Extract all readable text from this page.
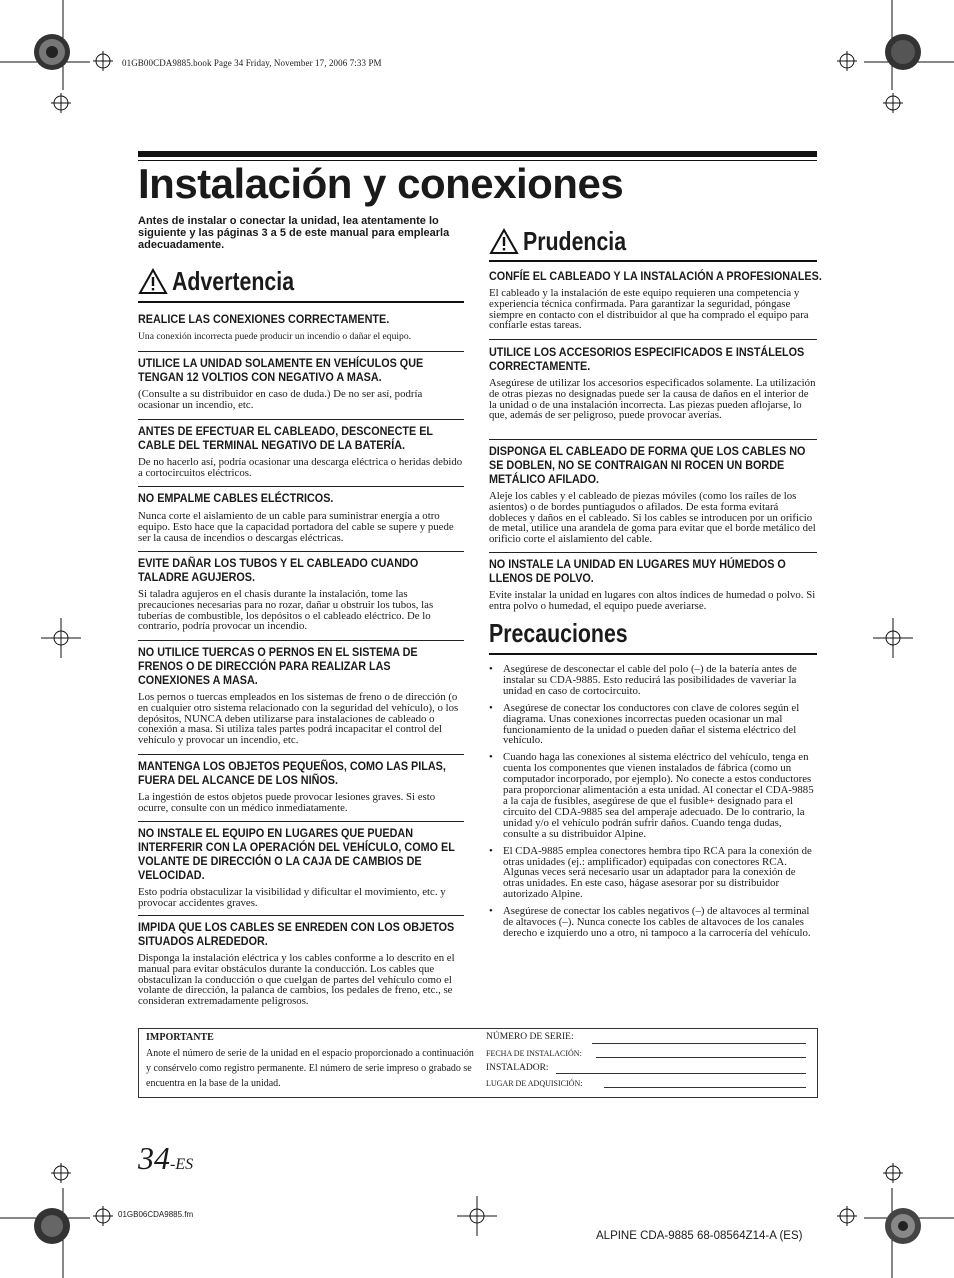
01GB00CDA9885.book Page 34 Friday, November 17, 2006 7:33 PM
Instalación y conexiones
Antes de instalar o conectar la unidad, lea atentamente lo siguiente y las páginas 3 a 5 de este manual para emplearla adecuadamente.
Advertencia
REALICE LAS CONEXIONES CORRECTAMENTE.
Una conexión incorrecta puede producir un incendio o dañar el equipo.
UTILICE LA UNIDAD SOLAMENTE EN VEHÍCULOS QUE TENGAN 12 VOLTIOS CON NEGATIVO A MASA.
(Consulte a su distribuidor en caso de duda.) De no ser así, podría ocasionar un incendio, etc.
ANTES DE EFECTUAR EL CABLEADO, DESCONECTE EL CABLE DEL TERMINAL NEGATIVO DE LA BATERÍA.
De no hacerlo así, podría ocasionar una descarga eléctrica o heridas debido a cortocircuitos eléctricos.
NO EMPALME CABLES ELÉCTRICOS.
Nunca corte el aislamiento de un cable para suministrar energía a otro equipo. Esto hace que la capacidad portadora del cable se supere y puede ser la causa de incendios o descargas eléctricas.
EVITE DAÑAR LOS TUBOS Y EL CABLEADO CUANDO TALADRE AGUJEROS.
Si taladra agujeros en el chasis durante la instalación, tome las precauciones necesarias para no rozar, dañar u obstruir los tubos, las tuberías de combustible, los depósitos o el cableado eléctrico. De lo contrario, podría provocar un incendio.
NO UTILICE TUERCAS O PERNOS EN EL SISTEMA DE FRENOS O DE DIRECCIÓN PARA REALIZAR LAS CONEXIONES A MASA.
Los pernos o tuercas empleados en los sistemas de freno o de dirección (o en cualquier otro sistema relacionado con la seguridad del vehículo), o los depósitos, NUNCA deben utilizarse para instalaciones de cableado o conexión a masa. Si utiliza tales partes podrá incapacitar el control del vehículo y provocar un incendio, etc.
MANTENGA LOS OBJETOS PEQUEÑOS, COMO LAS PILAS, FUERA DEL ALCANCE DE LOS NIÑOS.
La ingestión de estos objetos puede provocar lesiones graves. Si esto ocurre, consulte con un médico inmediatamente.
NO INSTALE EL EQUIPO EN LUGARES QUE PUEDAN INTERFERIR CON LA OPERACIÓN DEL VEHÍCULO, COMO EL VOLANTE DE DIRECCIÓN O LA CAJA DE CAMBIOS DE VELOCIDAD.
Esto podría obstaculizar la visibilidad y dificultar el movimiento, etc. y provocar accidentes graves.
IMPIDA QUE LOS CABLES SE ENREDEN CON LOS OBJETOS SITUADOS ALREDEDOR.
Disponga la instalación eléctrica y los cables conforme a lo descrito en el manual para evitar obstáculos durante la conducción. Los cables que obstaculizan la conducción o que cuelgan de partes del vehículo como el volante de dirección, la palanca de cambios, los pedales de freno, etc., se consideran extremadamente peligrosos.
Prudencia
CONFÍE EL CABLEADO Y LA INSTALACIÓN A PROFESIONALES.
El cableado y la instalación de este equipo requieren una competencia y experiencia técnica confirmada. Para garantizar la seguridad, póngase siempre en contacto con el distribuidor al que ha comprado el equipo para confiarle estas tareas.
UTILICE LOS ACCESORIOS ESPECIFICADOS E INSTÁLELOS CORRECTAMENTE.
Asegúrese de utilizar los accesorios especificados solamente. La utilización de otras piezas no designadas puede ser la causa de daños en el interior de la unidad o de una instalación incorrecta. Las piezas pueden aflojarse, lo que, además de ser peligroso, puede provocar averías.
DISPONGA EL CABLEADO DE FORMA QUE LOS CABLES NO SE DOBLEN, NO SE CONTRAIGAN NI ROCEN UN BORDE METÁLICO AFILADO.
Aleje los cables y el cableado de piezas móviles (como los raíles de los asientos) o de bordes puntiagudos o afilados. De esta forma evitará dobleces y daños en el cableado. Si los cables se introducen por un orificio de metal, utilice una arandela de goma para evitar que el borde metálico del orificio corte el aislamiento del cable.
NO INSTALE LA UNIDAD EN LUGARES MUY HÚMEDOS O LLENOS DE POLVO.
Evite instalar la unidad en lugares con altos índices de humedad o polvo. Si entra polvo o humedad, el equipo puede averiarse.
Precauciones
• Asegúrese de desconectar el cable del polo (–) de la batería antes de instalar su CDA-9885. Esto reducirá las posibilidades de vaveriar la unidad en caso de cortocircuito.
• Asegúrese de conectar los conductores con clave de colores según el diagrama. Unas conexiones incorrectas pueden ocasionar un mal funcionamiento de la unidad o pueden dañar el sistema eléctrico del vehículo.
• Cuando haga las conexiones al sistema eléctrico del vehículo, tenga en cuenta los componentes que vienen instalados de fábrica (como un computador incorporado, por ejemplo). No conecte a estos conductores para proporcionar alimentación a esta unidad. Al conectar el CDA-9885 a la caja de fusibles, asegúrese de que el fusible+ designado para el circuito del CDA-9885 sea del amperaje adecuado. De lo contrario, la unidad y/o el vehículo podrán sufrir daños. Cuando tenga dudas, consulte a su distribuidor Alpine.
• El CDA-9885 emplea conectores hembra tipo RCA para la conexión de otras unidades (ej.: amplificador) equipadas con conectores RCA. Algunas veces será necesario usar un adaptador para la conexión de otras unidades. En este caso, hágase asesorar por su distribuidor autorizado Alpine.
• Asegúrese de conectar los cables negativos (–) de altavoces al terminal de altavoces (–). Nunca conecte los cables de altavoces de los canales derecho e izquierdo uno a otro, ni tampoco a la carrocería del vehículo.
IMPORTANTE
Anote el número de serie de la unidad en el espacio proporcionado a continuación y consérvelo como registro permanente. El número de serie impreso o grabado se encuentra en la base de la unidad.
NÚMERO DE SERIE:
FECHA DE INSTALACIÓN:
INSTALADOR:
LUGAR DE ADQUISICIÓN:
34-ES
01GB06CDA9885.fm
ALPINE CDA-9885 68-08564Z14-A (ES)
